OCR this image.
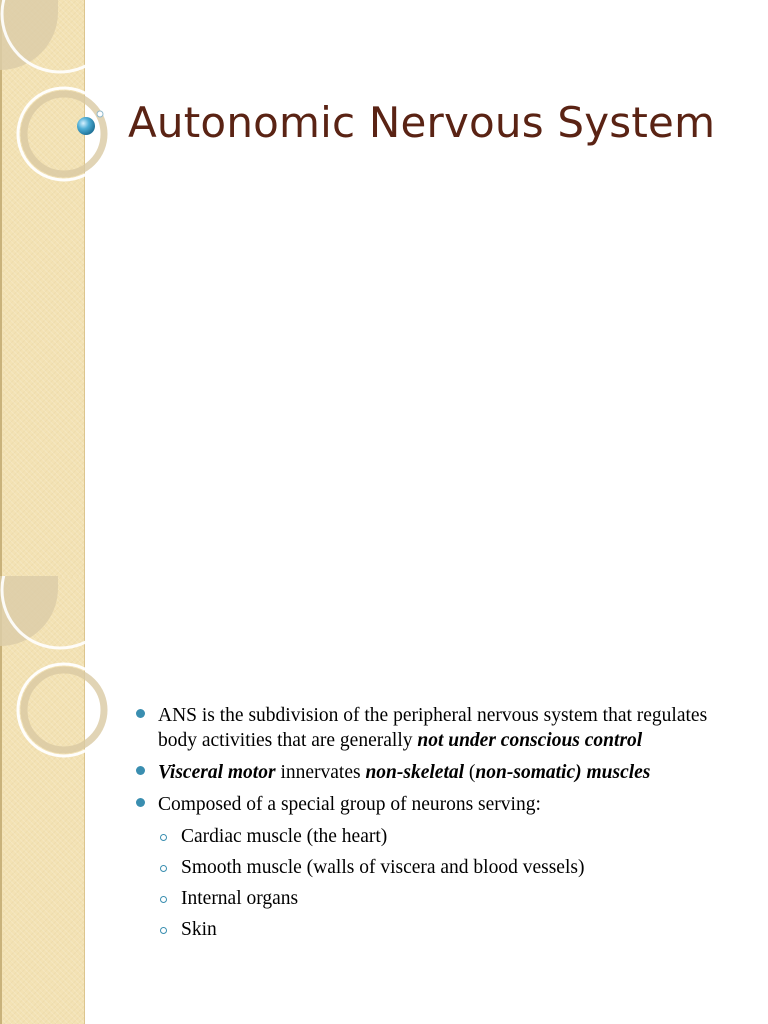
Autonomic Nervous System
ANS is the subdivision of the peripheral nervous system that regulates body activities that are generally not under conscious control
Visceral motor innervates non-skeletal (non-somatic) muscles
Composed of a special group of neurons serving:
Cardiac muscle (the heart)
Smooth muscle (walls of viscera and blood vessels)
Internal organs
Skin
